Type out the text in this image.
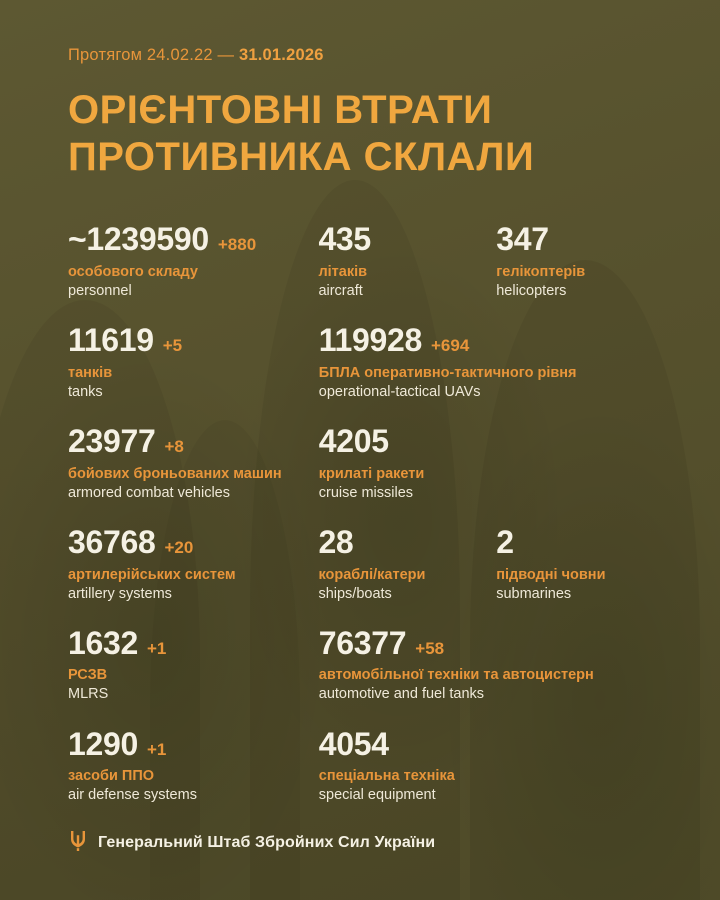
Протягом 24.02.22 — 31.01.2026
ОРІЄНТОВНІ ВТРАТИ
ПРОТИВНИКА СКЛАЛИ
~1239590 +880
особового складу
personnel
435
літаків
aircraft
347
гелікоптерів
helicopters
11619 +5
танків
tanks
119928 +694
БПЛА оперативно-тактичного рівня
operational-tactical UAVs
23977 +8
бойових броньованих машин
armored combat vehicles
4205
крилаті ракети
cruise missiles
36768 +20
артилерійських систем
artillery systems
28
кораблі/катери
ships/boats
2
підводні човни
submarines
1632 +1
РСЗВ
MLRS
76377 +58
автомобільної техніки та автоцистерн
automotive and fuel tanks
1290 +1
засоби ППО
air defense systems
4054
спеціальна техніка
special equipment
Генеральний Штаб Збройних Сил України
